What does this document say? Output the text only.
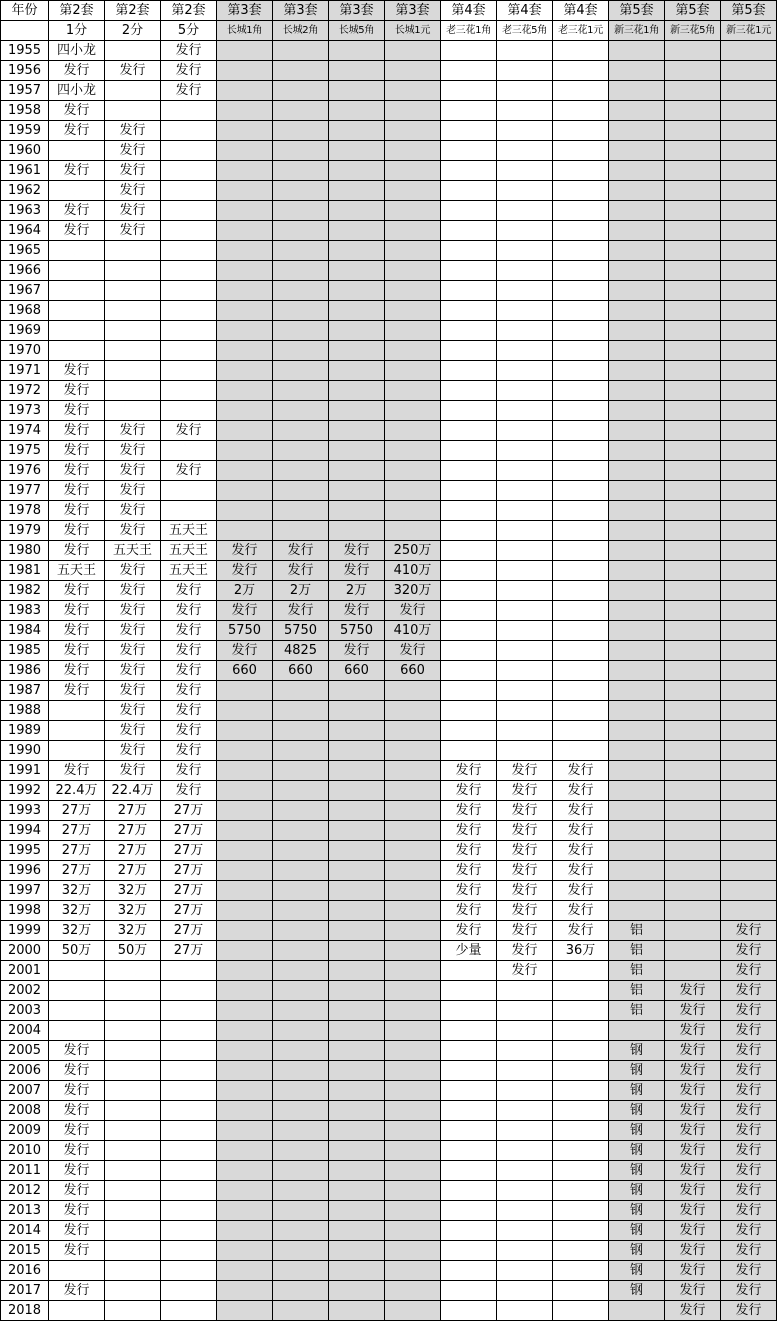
年份	第2套	第2套	第2套	第3套	第3套	第3套	第3套	第4套	第4套	第4套	第5套	第5套	第5套
	1分	2分	5分	长城1角	长城2角	长城5角	长城1元	老三花1角	老三花5角	老三花1元	新三花1角	新三花5角	新三花1元
1955	四小龙		发行										
1956	发行	发行	发行										
1957	四小龙		发行										
1958	发行												
1959	发行	发行											
1960		发行											
1961	发行	发行											
1962		发行											
1963	发行	发行											
1964	发行	发行											
1965													
1966													
1967													
1968													
1969													
1970													
1971	发行												
1972	发行												
1973	发行												
1974	发行	发行	发行										
1975	发行	发行											
1976	发行	发行	发行										
1977	发行	发行											
1978	发行	发行											
1979	发行	发行	五天王										
1980	发行	五天王	五天王	发行	发行	发行	250万						
1981	五天王	发行	五天王	发行	发行	发行	410万						
1982	发行	发行	发行	2万	2万	2万	320万						
1983	发行	发行	发行	发行	发行	发行	发行						
1984	发行	发行	发行	5750	5750	5750	410万						
1985	发行	发行	发行	发行	4825	发行	发行						
1986	发行	发行	发行	660	660	660	660						
1987	发行	发行	发行										
1988		发行	发行										
1989		发行	发行										
1990		发行	发行										
1991	发行	发行	发行					发行	发行	发行			
1992	22.4万	22.4万	发行					发行	发行	发行			
1993	27万	27万	27万					发行	发行	发行			
1994	27万	27万	27万					发行	发行	发行			
1995	27万	27万	27万					发行	发行	发行			
1996	27万	27万	27万					发行	发行	发行			
1997	32万	32万	27万					发行	发行	发行			
1998	32万	32万	27万					发行	发行	发行			
1999	32万	32万	27万					发行	发行	发行	铝		发行
2000	50万	50万	27万					少量	发行	36万	铝		发行
2001									发行		铝		发行
2002											铝	发行	发行
2003											铝	发行	发行
2004												发行	发行
2005	发行										钢	发行	发行
2006	发行										钢	发行	发行
2007	发行										钢	发行	发行
2008	发行										钢	发行	发行
2009	发行										钢	发行	发行
2010	发行										钢	发行	发行
2011	发行										钢	发行	发行
2012	发行										钢	发行	发行
2013	发行										钢	发行	发行
2014	发行										钢	发行	发行
2015	发行										钢	发行	发行
2016											钢	发行	发行
2017	发行										钢	发行	发行
2018												发行	发行
